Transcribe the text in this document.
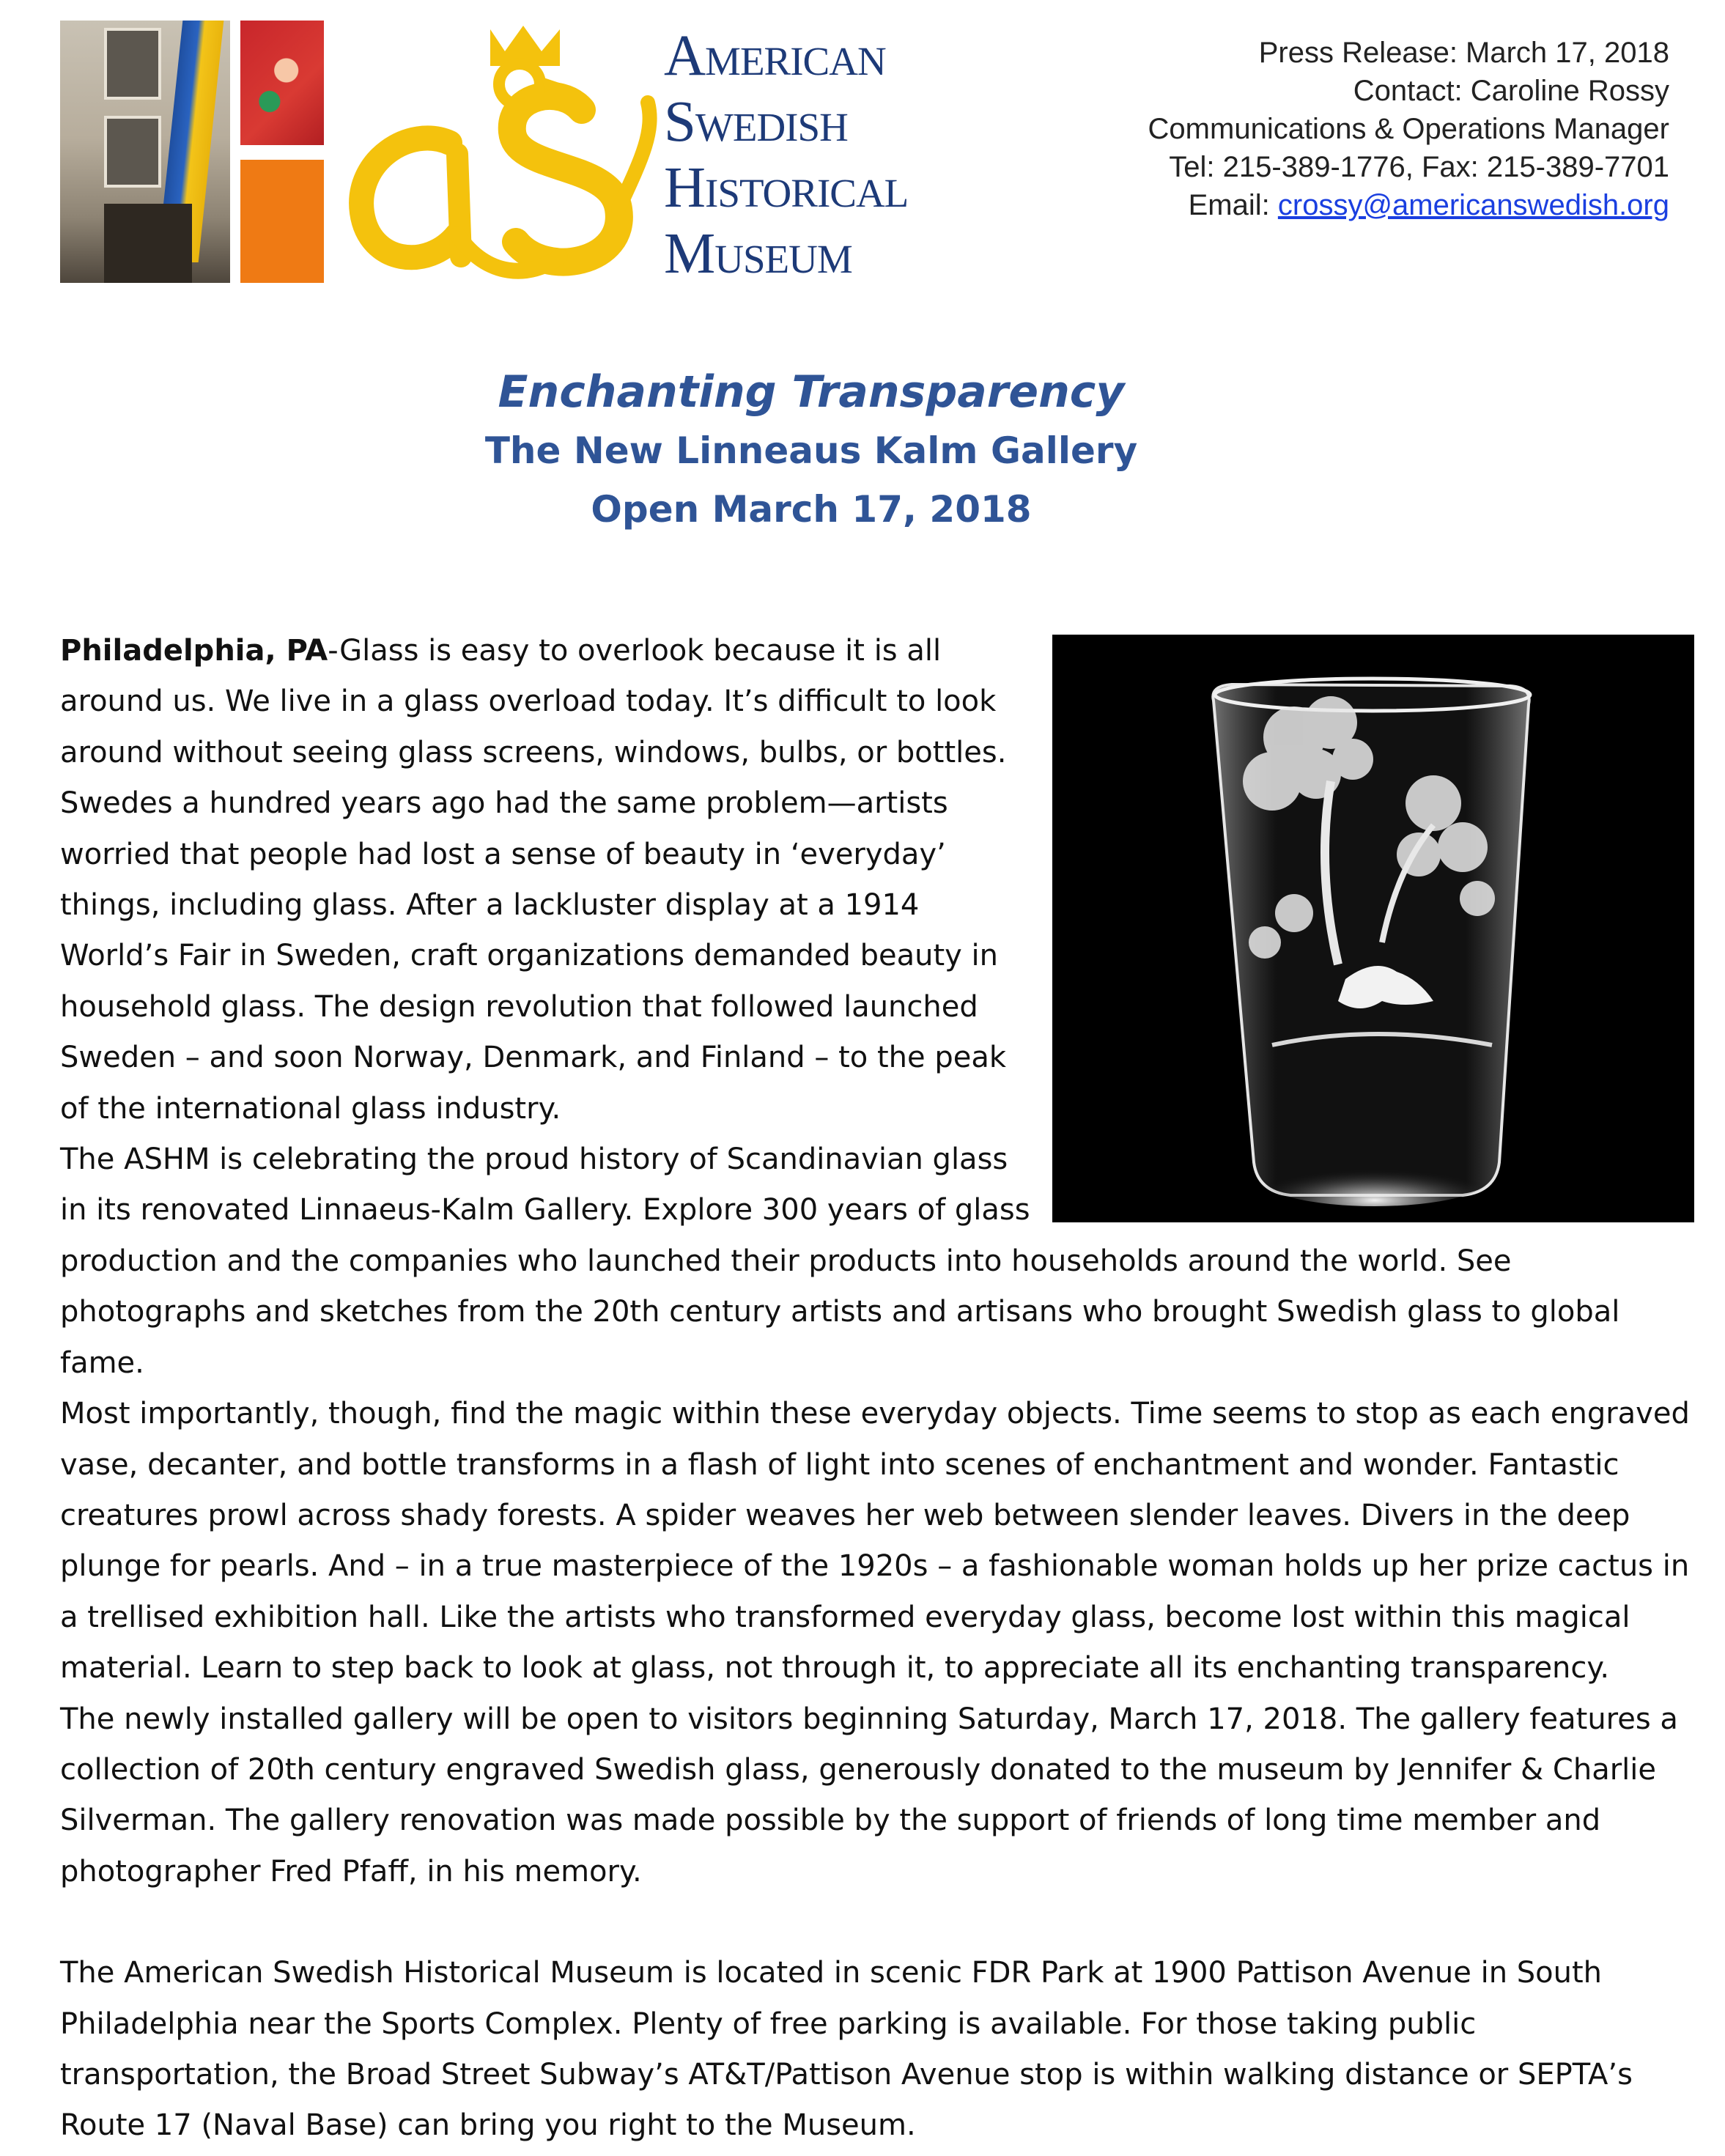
American
Swedish
Historical
Museum
Press Release: March 17, 2018
Contact: Caroline Rossy
Communications & Operations Manager
Tel: 215-389-1776, Fax: 215-389-7701
Email: crossy@americanswedish.org
Enchanting Transparency
The New Linneaus Kalm Gallery
Open March 17, 2018

Philadelphia, PA-Glass is easy to overlook because it is all around us. We live in a glass overload today. It’s difficult to look around without seeing glass screens, windows, bulbs, or bottles. Swedes a hundred years ago had the same problem—artists worried that people had lost a sense of beauty in ‘everyday’ things, including glass. After a lackluster display at a 1914 World’s Fair in Sweden, craft organizations demanded beauty in household glass. The design revolution that followed launched Sweden – and soon Norway, Denmark, and Finland – to the peak of the international glass industry.

The ASHM is celebrating the proud history of Scandinavian glass in its renovated Linnaeus-Kalm Gallery. Explore 300 years of glass production and the companies who launched their products into households around the world. See photographs and sketches from the 20th century artists and artisans who brought Swedish glass to global fame.

Most importantly, though, find the magic within these everyday objects. Time seems to stop as each engraved vase, decanter, and bottle transforms in a flash of light into scenes of enchantment and wonder. Fantastic creatures prowl across shady forests. A spider weaves her web between slender leaves. Divers in the deep plunge for pearls. And – in a true masterpiece of the 1920s – a fashionable woman holds up her prize cactus in a trellised exhibition hall. Like the artists who transformed everyday glass, become lost within this magical material. Learn to step back to look at glass, not through it, to appreciate all its enchanting transparency.

The newly installed gallery will be open to visitors beginning Saturday, March 17, 2018. The gallery features a collection of 20th century engraved Swedish glass, generously donated to the museum by Jennifer & Charlie Silverman. The gallery renovation was made possible by the support of friends of long time member and photographer Fred Pfaff, in his memory.

The American Swedish Historical Museum is located in scenic FDR Park at 1900 Pattison Avenue in South Philadelphia near the Sports Complex. Plenty of free parking is available. For those taking public transportation, the Broad Street Subway’s AT&T/Pattison Avenue stop is within walking distance or SEPTA’s Route 17 (Naval Base) can bring you right to the Museum.
